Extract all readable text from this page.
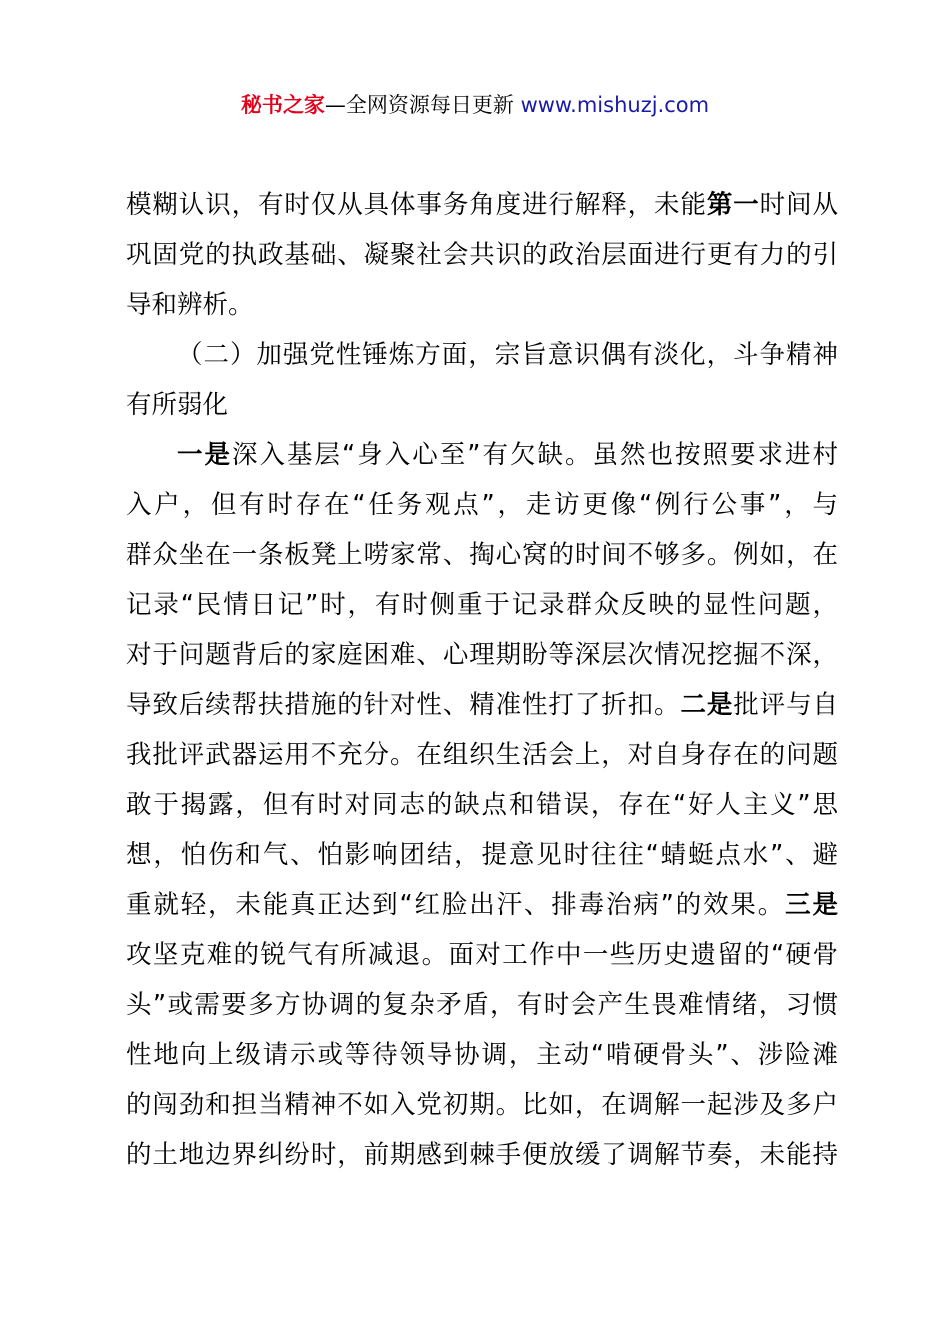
秘书之家—全网资源每日更新 www.mishuzj.com
模糊认识，有时仅从具体事务角度进行解释，未能第一时间从
巩固党的执政基础、凝聚社会共识的政治层面进行更有力的引
导和辨析。
（二）加强党性锤炼方面，宗旨意识偶有淡化，斗争精神
有所弱化
一是深入基层“身入心至”有欠缺。虽然也按照要求进村
入户，但有时存在“任务观点”，走访更像“例行公事”，与
群众坐在一条板凳上唠家常、掏心窝的时间不够多。例如，在
记录“民情日记”时，有时侧重于记录群众反映的显性问题，
对于问题背后的家庭困难、心理期盼等深层次情况挖掘不深，
导致后续帮扶措施的针对性、精准性打了折扣。二是批评与自
我批评武器运用不充分。在组织生活会上，对自身存在的问题
敢于揭露，但有时对同志的缺点和错误，存在“好人主义”思
想，怕伤和气、怕影响团结，提意见时往往“蜻蜓点水”、避
重就轻，未能真正达到“红脸出汗、排毒治病”的效果。三是
攻坚克难的锐气有所减退。面对工作中一些历史遗留的“硬骨
头”或需要多方协调的复杂矛盾，有时会产生畏难情绪，习惯
性地向上级请示或等待领导协调，主动“啃硬骨头”、涉险滩
的闯劲和担当精神不如入党初期。比如，在调解一起涉及多户
的土地边界纠纷时，前期感到棘手便放缓了调解节奏，未能持
